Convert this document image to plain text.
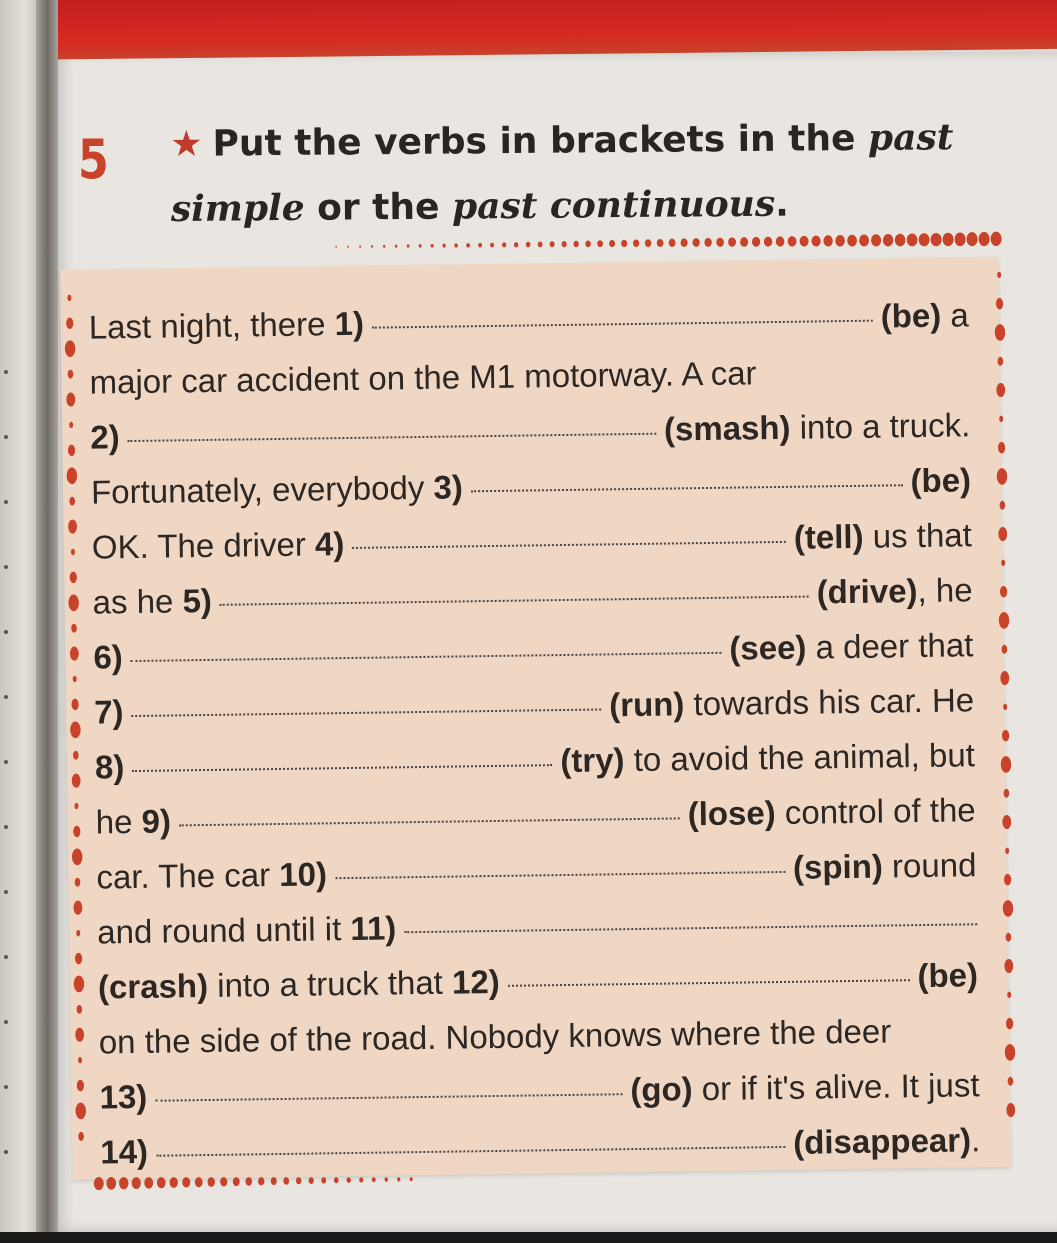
5 ★ Put the verbs in brackets in the past simple or the past continuous.
Last night, there 1)	(be) a
major car accident on the M1 motorway. A car
2)	(smash) into a truck.
Fortunately, everybody 3)	(be)
OK. The driver 4)	(tell) us that
as he 5)	(drive) , he
6)	(see) a deer that
7)	(run) towards his car. He
8)	(try) to avoid the animal, but
he 9)	(lose) control of the
car. The car 10)	(spin) round
and round until it 11)
(crash) into a truck that 12)	(be)
on the side of the road. Nobody knows where the deer
13)	(go) or if it's alive. It just
14)	(disappear) .
